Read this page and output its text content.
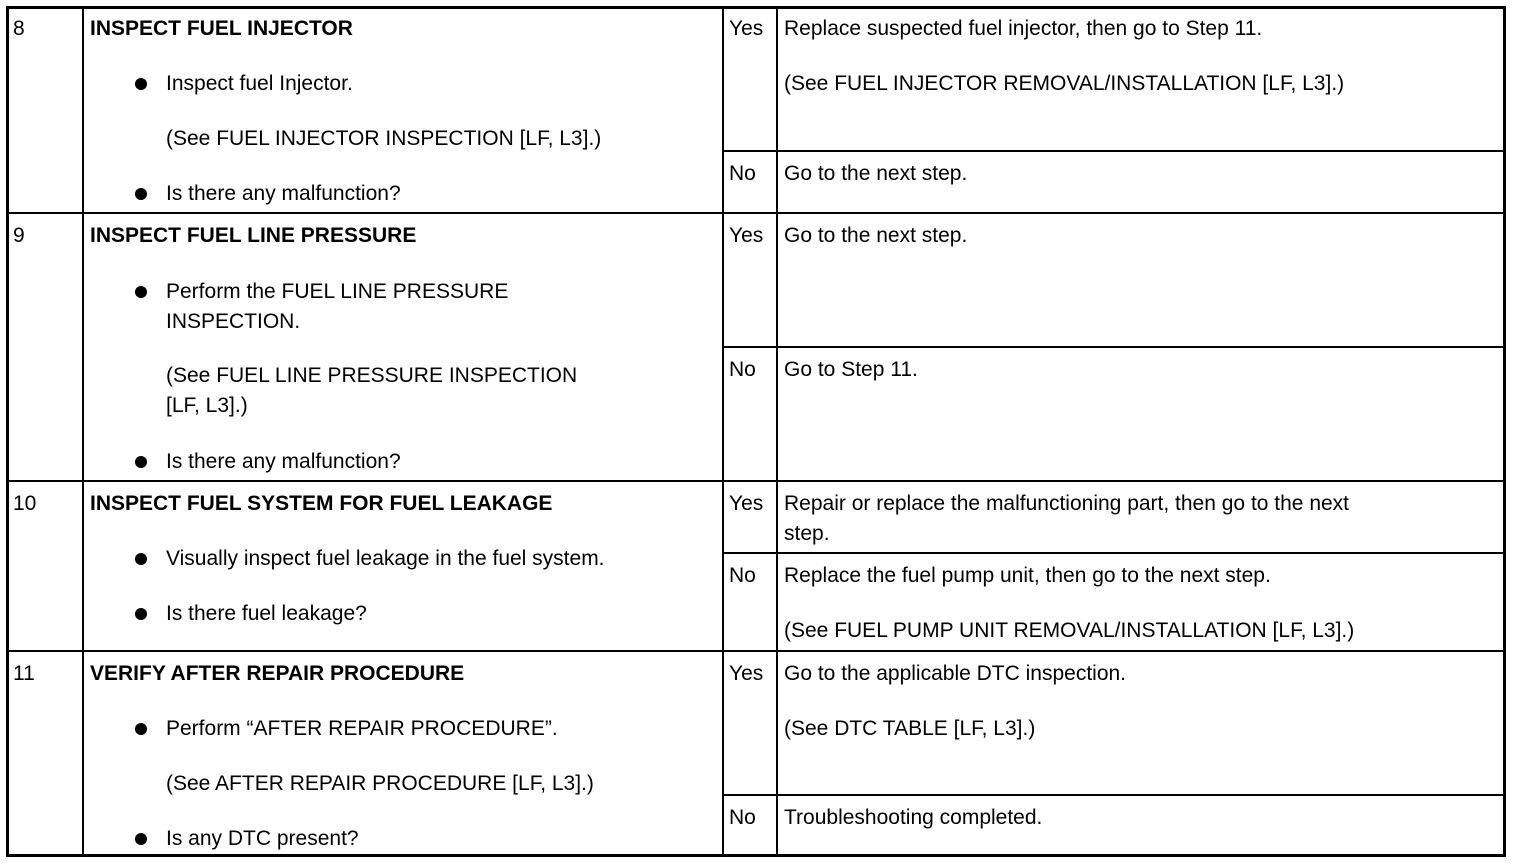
8	INSPECT FUEL INJECTOR
Inspect fuel Injector.
(See FUEL INJECTOR INSPECTION [LF, L3].)
Is there any malfunction?
Yes Replace suspected fuel injector, then go to Step 11.
(See FUEL INJECTOR REMOVAL/INSTALLATION [LF, L3].)
No Go to the next step.
9	INSPECT FUEL LINE PRESSURE
Perform the FUEL LINE PRESSURE
INSPECTION.
(See FUEL LINE PRESSURE INSPECTION
[LF, L3].)
Is there any malfunction?
Yes Go to the next step.
No Go to Step 11.
10	INSPECT FUEL SYSTEM FOR FUEL LEAKAGE
Visually inspect fuel leakage in the fuel system.
Is there fuel leakage?
Yes Repair or replace the malfunctioning part, then go to the next
step.
No Replace the fuel pump unit, then go to the next step.
(See FUEL PUMP UNIT REMOVAL/INSTALLATION [LF, L3].)
11	VERIFY AFTER REPAIR PROCEDURE
Perform “AFTER REPAIR PROCEDURE”.
(See AFTER REPAIR PROCEDURE [LF, L3].)
Is any DTC present?
Yes Go to the applicable DTC inspection.
(See DTC TABLE [LF, L3].)
No Troubleshooting completed.
